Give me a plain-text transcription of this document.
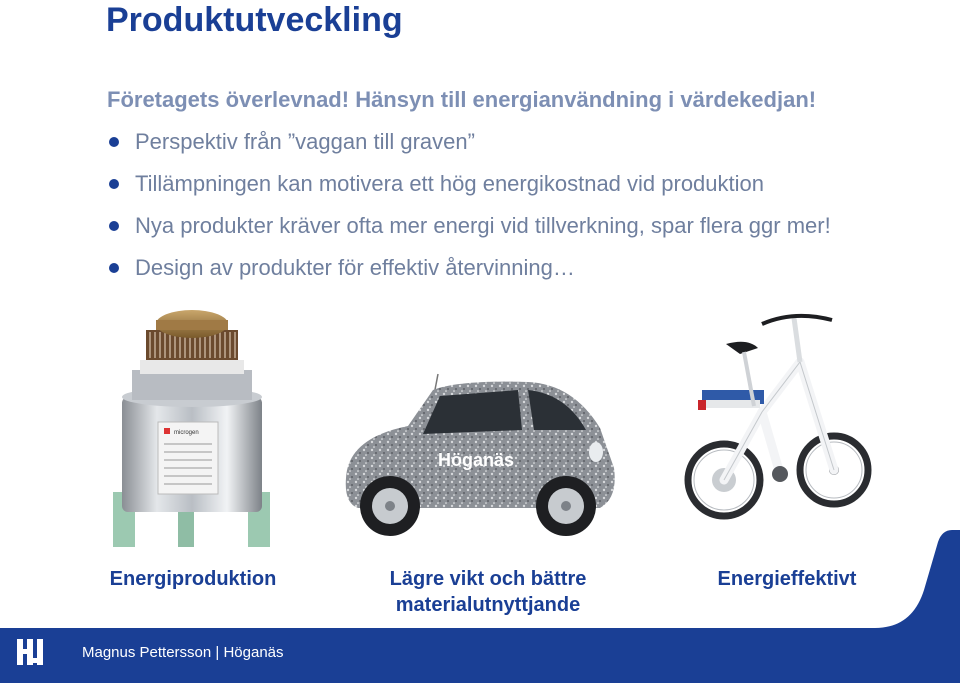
Produktutveckling
Företagets överlevnad! Hänsyn till energianvändning i värdekedjan!
Perspektiv från ”vaggan till graven”
Tillämpningen kan motivera ett hög energikostnad vid produktion
Nya produkter kräver ofta mer energi vid tillverkning, spar flera ggr mer!
Design av produkter för effektiv återvinning…
microgen
Höganäs
Energiproduktion	Lägre vikt och bättre
materialutnyttjande
Energieffektivt
Magnus Pettersson | Höganäs
